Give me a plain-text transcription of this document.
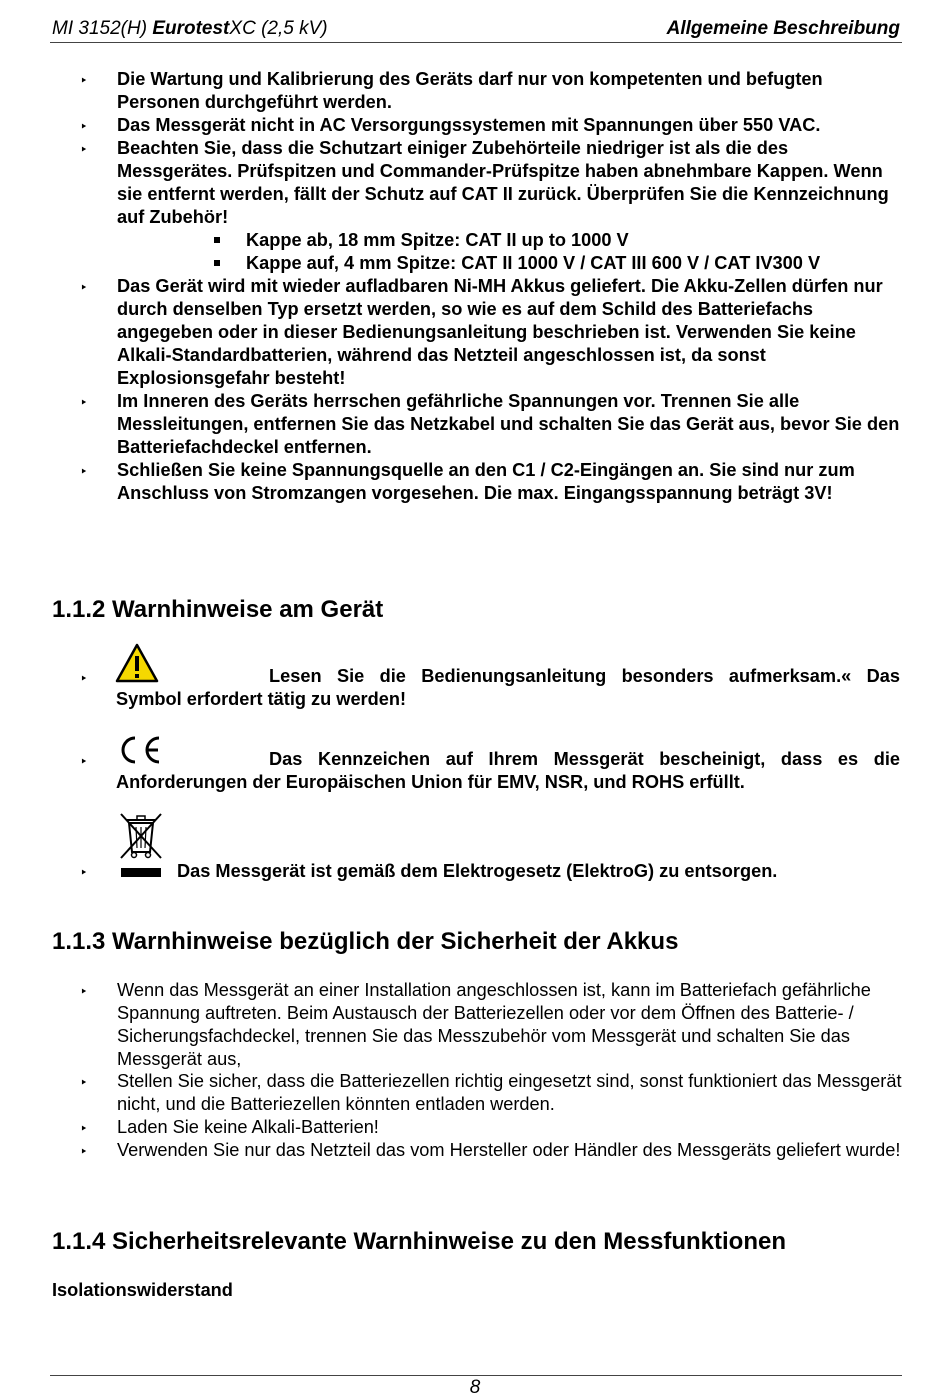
MI 3152(H) EurotestXC (2,5 kV)	Allgemeine Beschreibung
‣ Die Wartung und Kalibrierung des Geräts darf nur von kompetenten und befugten Personen durchgeführt werden.
‣ Das Messgerät nicht in AC Versorgungssystemen mit Spannungen über 550 VAC.
‣ Beachten Sie, dass die Schutzart einiger Zubehörteile niedriger ist als die des Messgerätes. Prüfspitzen und Commander-Prüfspitze haben abnehmbare Kappen. Wenn sie entfernt werden, fällt der Schutz auf CAT II zurück. Überprüfen Sie die Kennzeichnung auf Zubehör!
Kappe ab, 18 mm Spitze: CAT II up to 1000 V
Kappe auf, 4 mm Spitze: CAT II 1000 V / CAT III 600 V / CAT IV300 V
‣ Das Gerät wird mit wieder aufladbaren Ni-MH Akkus geliefert. Die Akku-Zellen dürfen nur durch denselben Typ ersetzt werden, so wie es auf dem Schild des Batteriefachs angegeben oder in dieser Bedienungsanleitung beschrieben ist. Verwenden Sie keine Alkali-Standardbatterien, während das Netzteil angeschlossen ist, da sonst Explosionsgefahr besteht!
‣ Im Inneren des Geräts herrschen gefährliche Spannungen vor. Trennen Sie alle Messleitungen, entfernen Sie das Netzkabel und schalten Sie das Gerät aus, bevor Sie den Batteriefachdeckel entfernen.
‣ Schließen Sie keine Spannungsquelle an den C1 / C2-Eingängen an. Sie sind nur zum Anschluss von Stromzangen vorgesehen. Die max. Eingangsspannung beträgt 3V!
1.1.2 Warnhinweise am Gerät
‣	Lesen Sie die Bedienungsanleitung besonders aufmerksam.« Das Symbol erfordert tätig zu werden!
‣	Das Kennzeichen auf Ihrem Messgerät bescheinigt, dass es die Anforderungen der Europäischen Union für EMV, NSR, und ROHS erfüllt.
‣	Das Messgerät ist gemäß dem Elektrogesetz (ElektroG) zu entsorgen.
1.1.3 Warnhinweise bezüglich der Sicherheit der Akkus
‣ Wenn das Messgerät an einer Installation angeschlossen ist, kann im Batteriefach gefährliche Spannung auftreten. Beim Austausch der Batteriezellen oder vor dem Öffnen des Batterie- / Sicherungsfachdeckel, trennen Sie das Messzubehör vom Messgerät und schalten Sie das Messgerät aus,
‣ Stellen Sie sicher, dass die Batteriezellen richtig eingesetzt sind, sonst funktioniert das Messgerät nicht, und die Batteriezellen könnten entladen werden.
‣ Laden Sie keine Alkali-Batterien!
‣ Verwenden Sie nur das Netzteil das vom Hersteller oder Händler des Messgeräts geliefert wurde!
1.1.4 Sicherheitsrelevante Warnhinweise zu den Messfunktionen
Isolationswiderstand
8
